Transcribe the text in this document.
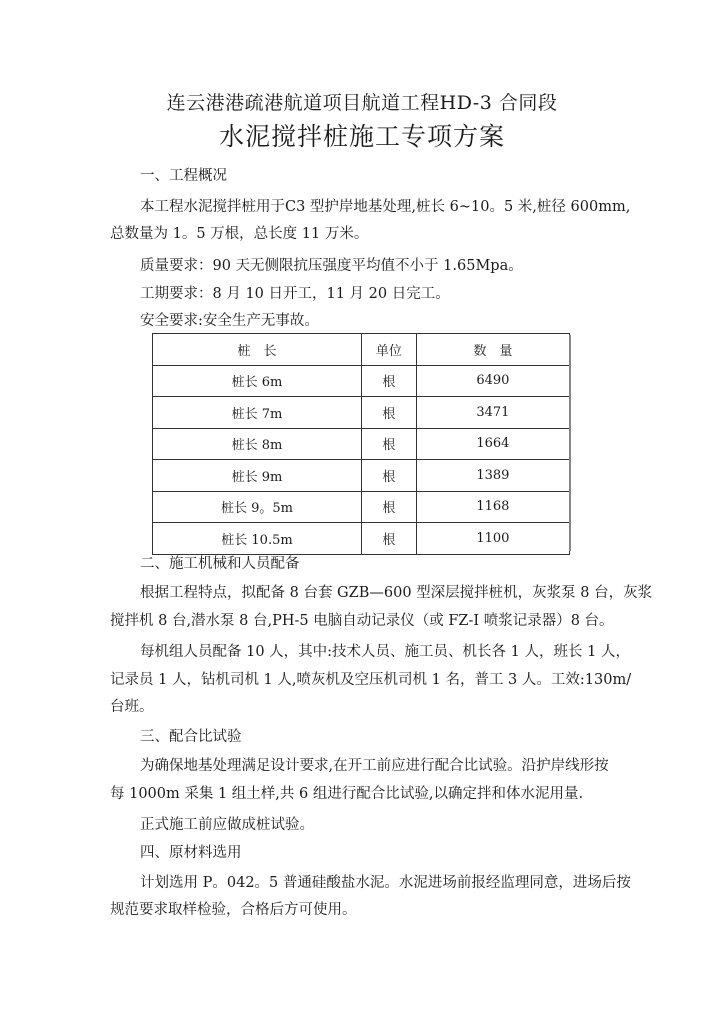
连云港港疏港航道项目航道工程HD-3 合同段
水泥搅拌桩施工专项方案
一、工程概况
本工程水泥搅拌桩用于C3 型护岸地基处理,桩长 6~10。5 米,桩径 600mm,
总数量为 1。5 万根，总长度 11 万米。
质量要求：90 天无侧限抗压强度平均值不小于 1.65Mpa。
工期要求：8 月 10 日开工，11 月 20 日完工。
安全要求:安全生产无事故。
桩　长	单位	数　量
桩长 6m	根	6490
桩长 7m	根	3471
桩长 8m	根	1664
桩长 9m	根	1389
桩长 9。5m	根	1168
桩长 10.5m	根	1100
二、施工机械和人员配备
根据工程特点，拟配备 8 台套 GZB—600 型深层搅拌桩机，灰浆泵 8 台，灰浆
搅拌机 8 台,潜水泵 8 台,PH-5 电脑自动记录仪（或 FZ-I 喷浆记录器）8 台。
每机组人员配备 10 人，其中:技术人员、施工员、机长各 1 人，班长 1 人，
记录员 1 人，钻机司机 1 人,喷灰机及空压机司机 1 名，普工 3 人。工效:130m/
台班。
三、配合比试验
为确保地基处理满足设计要求,在开工前应进行配合比试验。沿护岸线形按
每 1000m 采集 1 组土样,共 6 组进行配合比试验,以确定拌和体水泥用量.
正式施工前应做成桩试验。
四、原材料选用
计划选用 P。042。5 普通硅酸盐水泥。水泥进场前报经监理同意，进场后按
规范要求取样检验，合格后方可使用。
